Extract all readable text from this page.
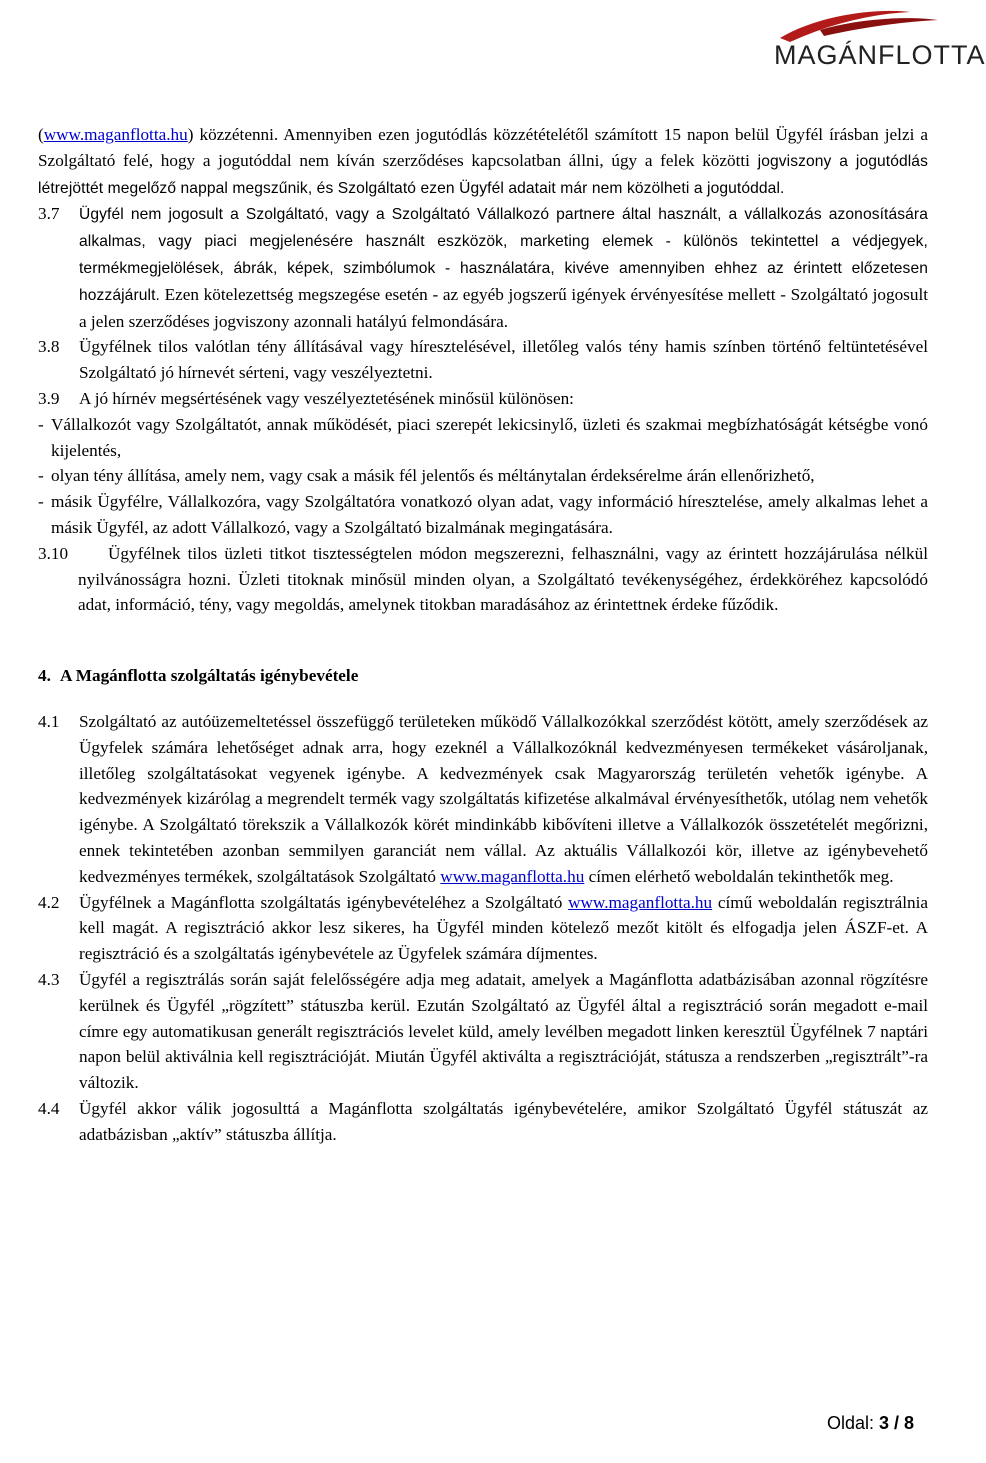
MAGÁNFLOTTA
(www.maganflotta.hu) közzétenni. Amennyiben ezen jogutódlás közzétételétől számított 15 napon belül Ügyfél írásban jelzi a Szolgáltató felé, hogy a jogutóddal nem kíván szerződéses kapcsolatban állni, úgy a felek közötti jogviszony a jogutódlás létrejöttét megelőző nappal megszűnik, és Szolgáltató ezen Ügyfél adatait már nem közölheti a jogutóddal.
3.7	Ügyfél nem jogosult a Szolgáltató, vagy a Szolgáltató Vállalkozó partnere által használt, a vállalkozás azonosítására alkalmas, vagy piaci megjelenésére használt eszközök, marketing elemek - különös tekintettel a védjegyek, termékmegjelölések, ábrák, képek, szimbólumok - használatára, kivéve amennyiben ehhez az érintett előzetesen hozzájárult. Ezen kötelezettség megszegése esetén - az egyéb jogszerű igények érvényesítése mellett - Szolgáltató jogosult a jelen szerződéses jogviszony azonnali hatályú felmondására.
3.8	Ügyfélnek tilos valótlan tény állításával vagy híresztelésével, illetőleg valós tény hamis színben történő feltüntetésével Szolgáltató jó hírnevét sérteni, vagy veszélyeztetni.
3.9	A jó hírnév megsértésének vagy veszélyeztetésének minősül különösen:
- Vállalkozót vagy Szolgáltatót, annak működését, piaci szerepét lekicsinylő, üzleti és szakmai megbízhatóságát kétségbe vonó kijelentés,
- olyan tény állítása, amely nem, vagy csak a másik fél jelentős és méltánytalan érdeksérelme árán ellenőrizhető,
- másik Ügyfélre, Vállalkozóra, vagy Szolgáltatóra vonatkozó olyan adat, vagy információ híresztelése, amely alkalmas lehet a másik Ügyfél, az adott Vállalkozó, vagy a Szolgáltató bizalmának megingatására.
3.10	Ügyfélnek tilos üzleti titkot tisztességtelen módon megszerezni, felhasználni, vagy az érintett hozzájárulása nélkül nyilvánosságra hozni. Üzleti titoknak minősül minden olyan, a Szolgáltató tevékenységéhez, érdekköréhez kapcsolódó adat, információ, tény, vagy megoldás, amelynek titokban maradásához az érintettnek érdeke fűződik.
4. A Magánflotta szolgáltatás igénybevétele
4.1	Szolgáltató az autóüzemeltetéssel összefüggő területeken működő Vállalkozókkal szerződést kötött, amely szerződések az Ügyfelek számára lehetőséget adnak arra, hogy ezeknél a Vállalkozóknál kedvezményesen termékeket vásároljanak, illetőleg szolgáltatásokat vegyenek igénybe. A kedvezmények csak Magyarország területén vehetők igénybe. A kedvezmények kizárólag a megrendelt termék vagy szolgáltatás kifizetése alkalmával érvényesíthetők, utólag nem vehetők igénybe. A Szolgáltató törekszik a Vállalkozók körét mindinkább kibővíteni illetve a Vállalkozók összetételét megőrizni, ennek tekintetében azonban semmilyen garanciát nem vállal. Az aktuális Vállalkozói kör, illetve az igénybevehető kedvezményes termékek, szolgáltatások Szolgáltató www.maganflotta.hu címen elérhető weboldalán tekinthetők meg.
4.2	Ügyfélnek a Magánflotta szolgáltatás igénybevételéhez a Szolgáltató www.maganflotta.hu című weboldalán regisztrálnia kell magát. A regisztráció akkor lesz sikeres, ha Ügyfél minden kötelező mezőt kitölt és elfogadja jelen ÁSZF-et. A regisztráció és a szolgáltatás igénybevétele az Ügyfelek számára díjmentes.
4.3	Ügyfél a regisztrálás során saját felelősségére adja meg adatait, amelyek a Magánflotta adatbázisában azonnal rögzítésre kerülnek és Ügyfél „rögzített” státuszba kerül. Ezután Szolgáltató az Ügyfél által a regisztráció során megadott e-mail címre egy automatikusan generált regisztrációs levelet küld, amely levélben megadott linken keresztül Ügyfélnek 7 naptári napon belül aktiválnia kell regisztrációját. Miután Ügyfél aktiválta a regisztrációját, státusza a rendszerben „regisztrált”-ra változik.
4.4	Ügyfél akkor válik jogosulttá a Magánflotta szolgáltatás igénybevételére, amikor Szolgáltató Ügyfél státuszát az adatbázisban „aktív” státuszba állítja.
Oldal: 3 / 8
